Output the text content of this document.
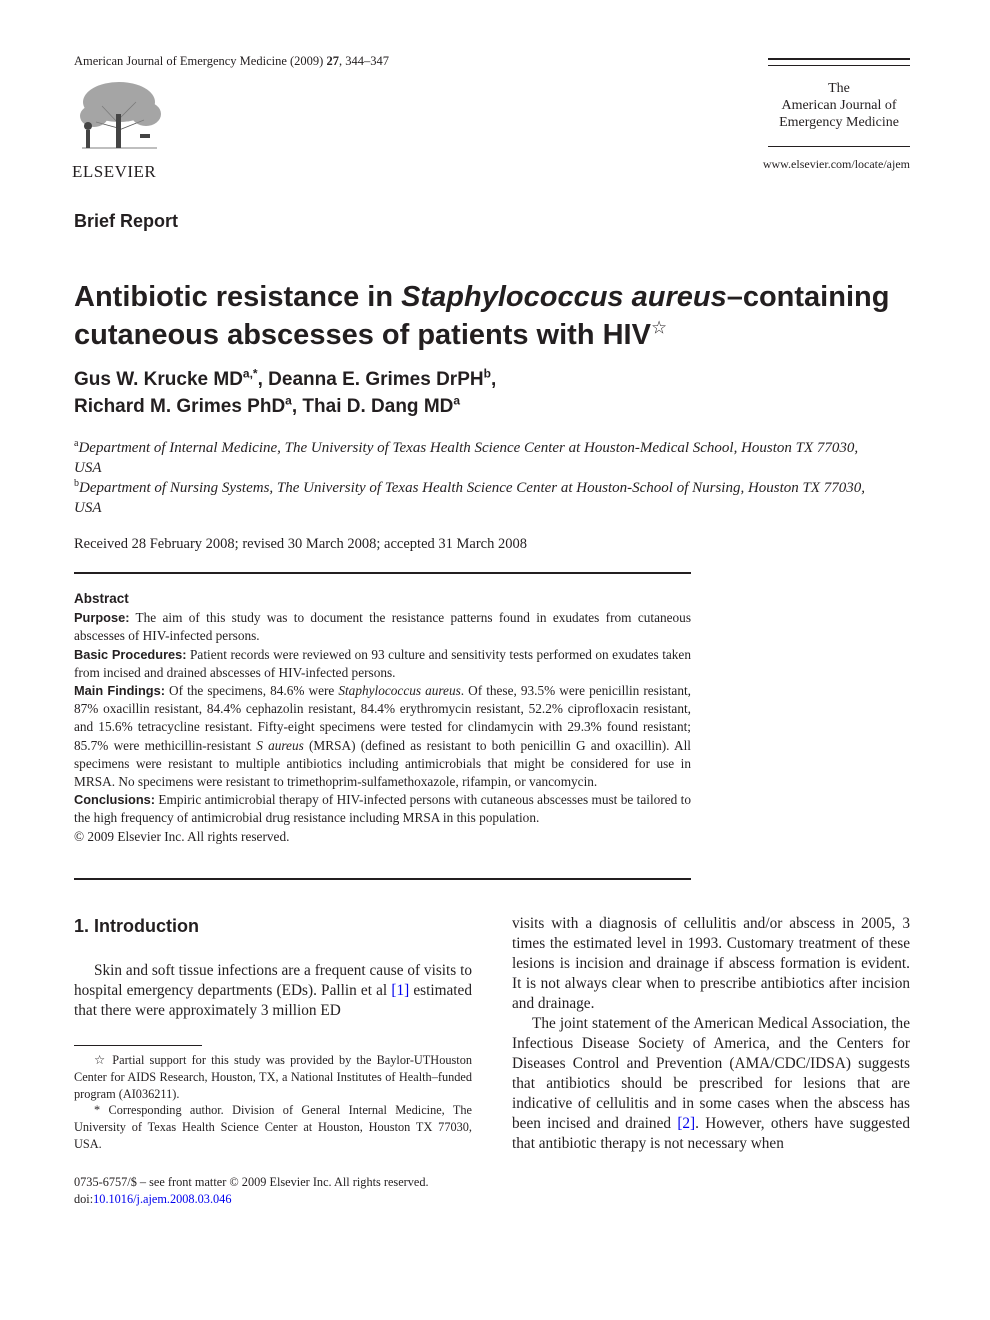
American Journal of Emergency Medicine (2009) 27, 344–347
ELSEVIER
The
American Journal of
Emergency Medicine
www.elsevier.com/locate/ajem
Brief Report
Antibiotic resistance in Staphylococcus aureus–containing cutaneous abscesses of patients with HIV☆
Gus W. Krucke $MD^{a,*}$, Deanna E. Grimes DrPH$^b$,
Richard M. Grimes PhD$^a$, Thai D. Dang $MD^a$

$^a$Department of Internal Medicine, The University of Texas Health Science Center at Houston-Medical School, Houston TX 77030, USA

$^b$Department of Nursing Systems, The University of Texas Health Science Center at Houston-School of Nursing, Houston TX 77030, USA

Received 28 February 2008; revised 30 March 2008; accepted 31 March 2008

Abstract

Purpose: The aim of this study was to document the resistance patterns found in exudates from cutaneous abscesses of HIV-infected persons.

Basic Procedures: Patient records were reviewed on 93 culture and sensitivity tests performed on exudates taken from incised and drained abscesses of HIV-infected persons.

Main Findings: Of the specimens, 84.6% were Staphylococcus aureus. Of these, 93.5% were penicillin resistant, 87% oxacillin resistant, 84.4% cephazolin resistant, 84.4% erythromycin resistant, 52.2% ciprofloxacin resistant, and 15.6% tetracycline resistant. Fifty-eight specimens were tested for clindamycin with 29.3% found resistant; 85.7% were methicillin-resistant S aureus (MRSA) (defined as resistant to both penicillin G and oxacillin). All specimens were resistant to multiple antibiotics including antimicrobials that might be considered for use in MRSA. No specimens were resistant to trimethoprim-sulfamethoxazole, rifampin, or vancomycin.

Conclusions: Empiric antimicrobial therapy of HIV-infected persons with cutaneous abscesses must be tailored to the high frequency of antimicrobial drug resistance including MRSA in this population.

© 2009 Elsevier Inc. All rights reserved.

1. Introduction

Skin and soft tissue infections are a frequent cause of visits to hospital emergency departments (EDs). Pallin et al [1] estimated that there were approximately 3 million ED

visits with a diagnosis of cellulitis and/or abscess in 2005, 3 times the estimated level in 1993. Customary treatment of these lesions is incision and drainage if abscess formation is evident. It is not always clear when to prescribe antibiotics after incision and drainage.

The joint statement of the American Medical Association, the Infectious Disease Society of America, and the Centers for Diseases Control and Prevention (AMA/CDC/IDSA) suggests that antibiotics should be prescribed for lesions that are indicative of cellulitis and in some cases when the abscess has been incised and drained [2]. However, others have suggested that antibiotic therapy is not necessary when

☆ Partial support for this study was provided by the Baylor-UTHouston Center for AIDS Research, Houston, TX, a National Institutes of Health–funded program (AI036211).

* Corresponding author. Division of General Internal Medicine, The University of Texas Health Science Center at Houston, Houston TX 77030, USA.

0735-6757/$ – see front matter © 2009 Elsevier Inc. All rights reserved.

doi:10.1016/j.ajem.2008.03.046
